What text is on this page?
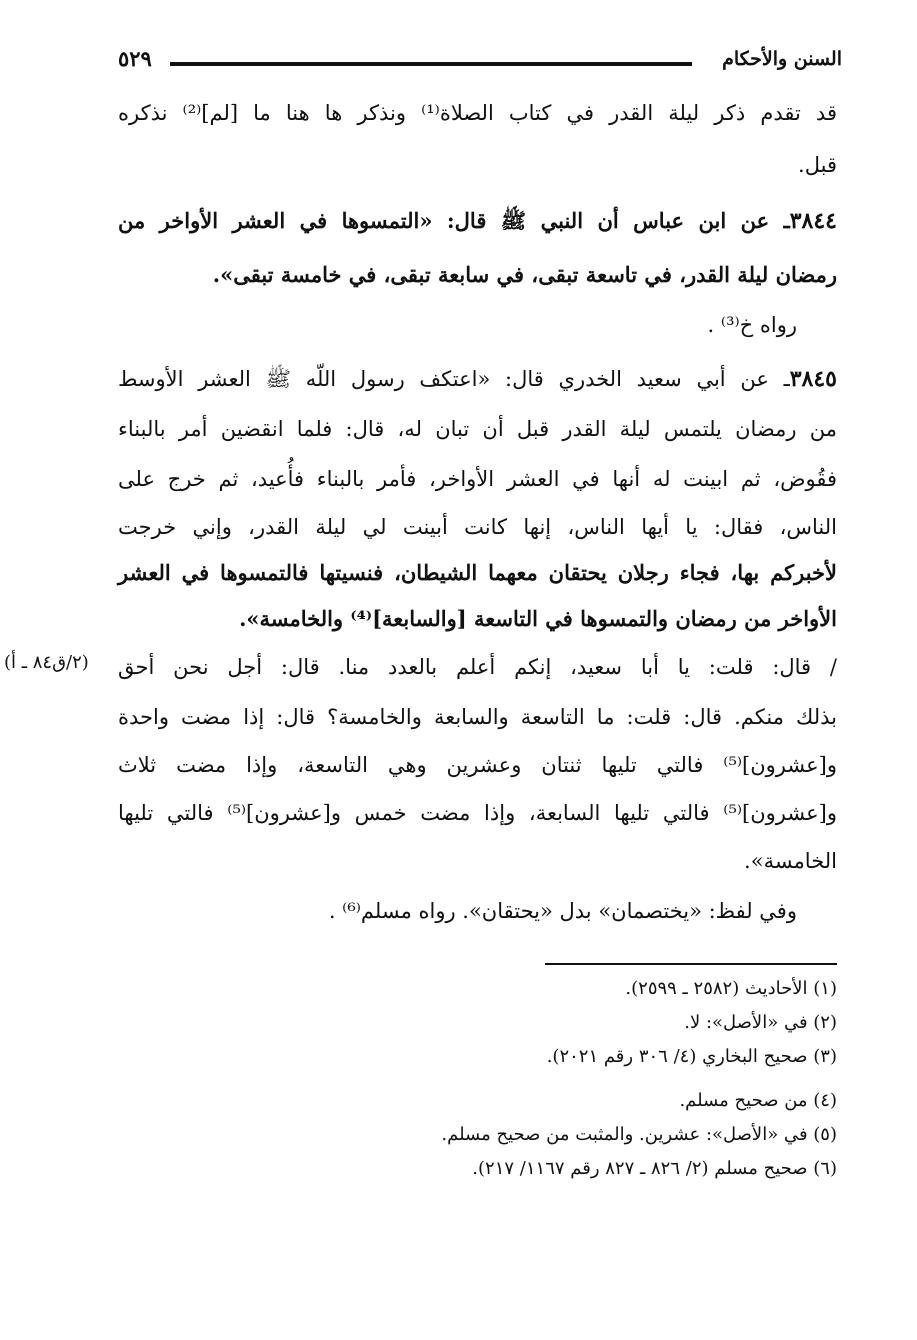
السنن والأحكام
٥٢٩
قد تقدم ذكر ليلة القدر في كتاب الصلاة⁽¹⁾ ونذكر ها هنا ما [لم]⁽²⁾ نذكره
قبل.
٣٨٤٤ـ عن ابن عباس أن النبي ﷺ قال: «التمسوها في العشر الأواخر من
رمضان ليلة القدر، في تاسعة تبقى، في سابعة تبقى، في خامسة تبقى».
رواه خ⁽³⁾ .
٣٨٤٥ـ عن أبي سعيد الخدري قال: «اعتكف رسول اللّه ﷺ العشر الأوسط
من رمضان يلتمس ليلة القدر قبل أن تبان له، قال: فلما انقضين أمر بالبناء
فقُوض، ثم ابينت له أنها في العشر الأواخر، فأمر بالبناء فأُعيد، ثم خرج على
الناس، فقال: يا أيها الناس، إنها كانت أبينت لي ليلة القدر، وإني خرجت
لأخبركم بها، فجاء رجلان يحتقان معهما الشيطان، فنسيتها فالتمسوها في العشر
الأواخر من رمضان والتمسوها في التاسعة [والسابعة]⁽⁴⁾ والخامسة».
/ قال: قلت: يا أبا سعيد، إنكم أعلم بالعدد منا. قال: أجل نحن أحق
بذلك منكم. قال: قلت: ما التاسعة والسابعة والخامسة؟ قال: إذا مضت واحدة
و[عشرون]⁽⁵⁾ فالتي تليها ثنتان وعشرين وهي التاسعة، وإذا مضت ثلاث
و[عشرون]⁽⁵⁾ فالتي تليها السابعة، وإذا مضت خمس و[عشرون]⁽⁵⁾ فالتي تليها
الخامسة».
وفي لفظ: «يختصمان» بدل «يحتقان». رواه مسلم⁽⁶⁾ .
(٢/ق٨٤ ـ أ)
(١) الأحاديث (٢٥٨٢ ـ ٢٥٩٩).
(٢) في «الأصل»: لا.
(٣) صحيح البخاري (٤/ ٣٠٦ رقم ٢٠٢١).
(٤) من صحيح مسلم.
(٥) في «الأصل»: عشرين. والمثبت من صحيح مسلم.
(٦) صحيح مسلم (٢/ ٨٢٦ ـ ٨٢٧ رقم ١١٦٧/ ٢١٧).
